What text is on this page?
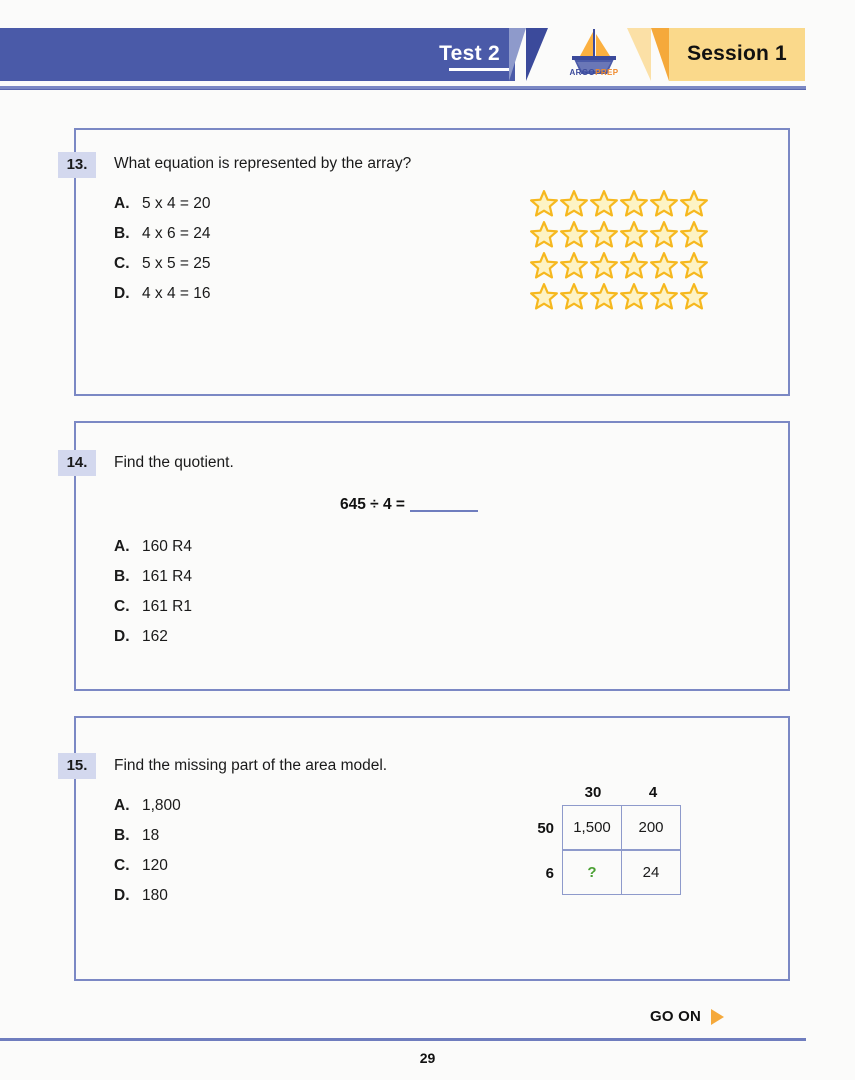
Test 2
ARGOPREP
Session 1
13.	What equation is represented by the array?
A. 5 x 4 = 20
B. 4 x 6 = 24
C. 5 x 5 = 25
D. 4 x 4 = 16
14.	Find the quotient.
645 ÷ 4 =
A. 160 R4
B. 161 R4
C. 161 R1
D. 162
15.	Find the missing part of the area model.
A. 1,800
B. 18
C. 120
D. 180
30	4
50	1,500	200
6	?	24
GO ON
29
